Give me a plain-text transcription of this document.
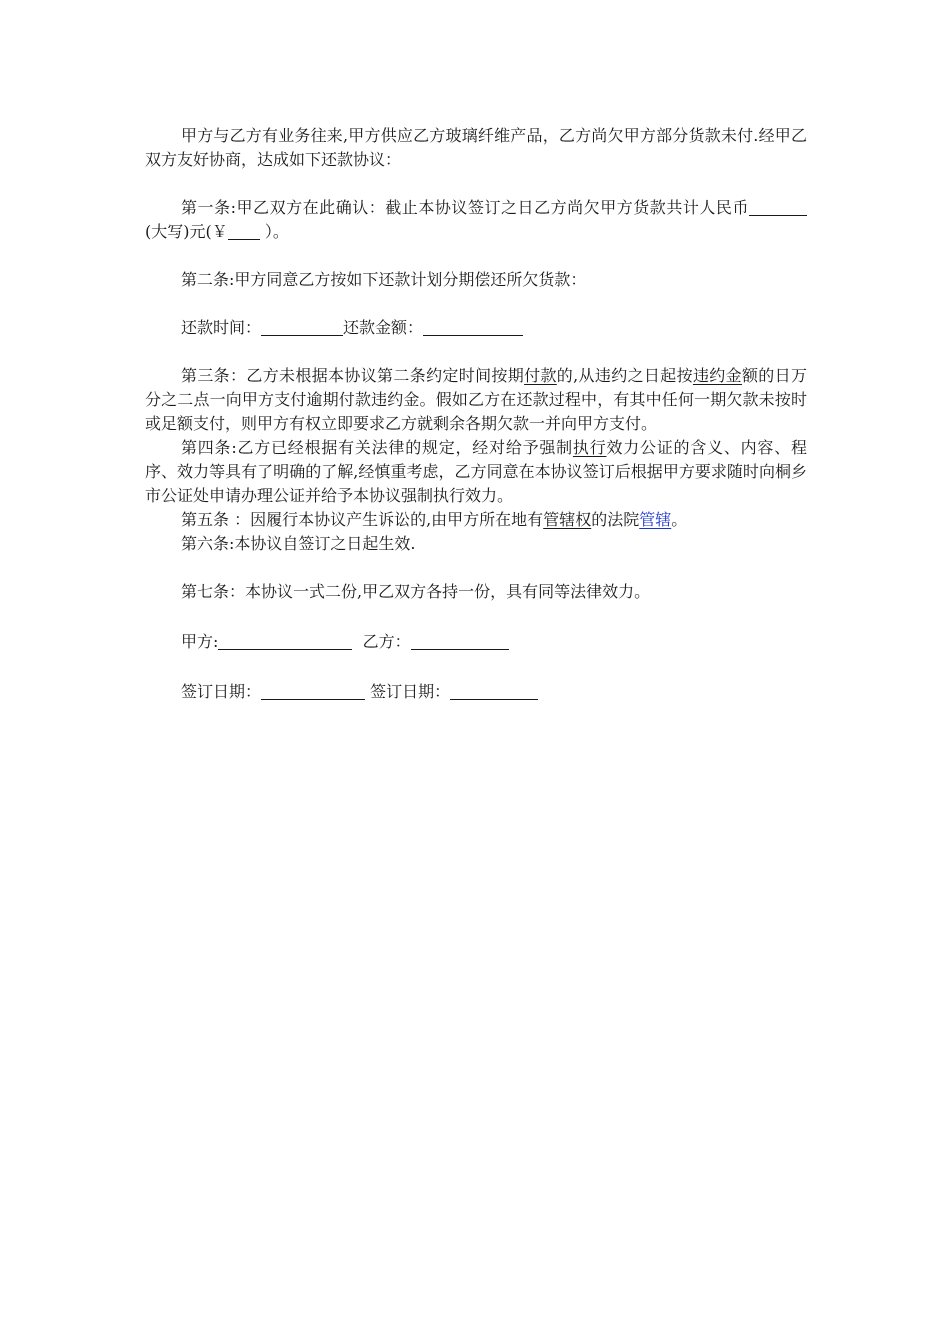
甲方与乙方有业务往来,甲方供应乙方玻璃纤维产品，乙方尚欠甲方部分货款未付.经甲乙双方友好协商，达成如下还款协议：

第一条:甲乙双方在此确认：截止本协议签订之日乙方尚欠甲方货款共计人民币(大写)元(￥ ）。

第二条:甲方同意乙方按如下还款计划分期偿还所欠货款：

还款时间：	还款金额：

第三条：乙方未根据本协议第二条约定时间按期付款的,从违约之日起按违约金额的日万分之二点一向甲方支付逾期付款违约金。假如乙方在还款过程中，有其中任何一期欠款未按时或足额支付，则甲方有权立即要求乙方就剩余各期欠款一并向甲方支付。

第四条:乙方已经根据有关法律的规定，经对给予强制执行效力公证的含义、内容、程序、效力等具有了明确的了解,经慎重考虑，乙方同意在本协议签订后根据甲方要求随时向桐乡市公证处申请办理公证并给予本协议强制执行效力。

第五条 ：因履行本协议产生诉讼的,由甲方所在地有管辖权的法院管辖。

第六条:本协议自签订之日起生效.

第七条：本协议一式二份,甲乙双方各持一份，具有同等法律效力。

甲方:	乙方：

签订日期：	签订日期：
